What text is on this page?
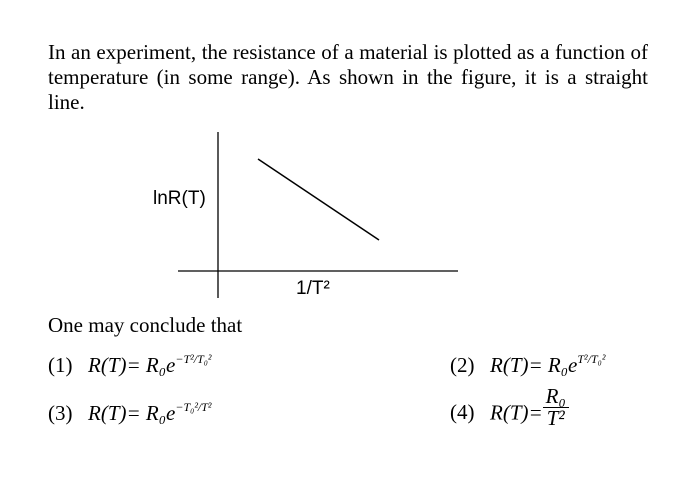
In an experiment, the resistance of a material is plotted as a function of temperature (in some range). As shown in the figure, it is a straight line.
lnR(T)
1/T²
One may conclude that
(1) $R(T)= R_0e^{-T^2/T_0^2}$	(2) $R(T)= R_0e^{T^2/T_0^2}$
(3) $R(T)= R_0e^{-T_0^2/T^2}$	(4) $R(T)= \frac{\text{R₀}}{\text{T²}}$
